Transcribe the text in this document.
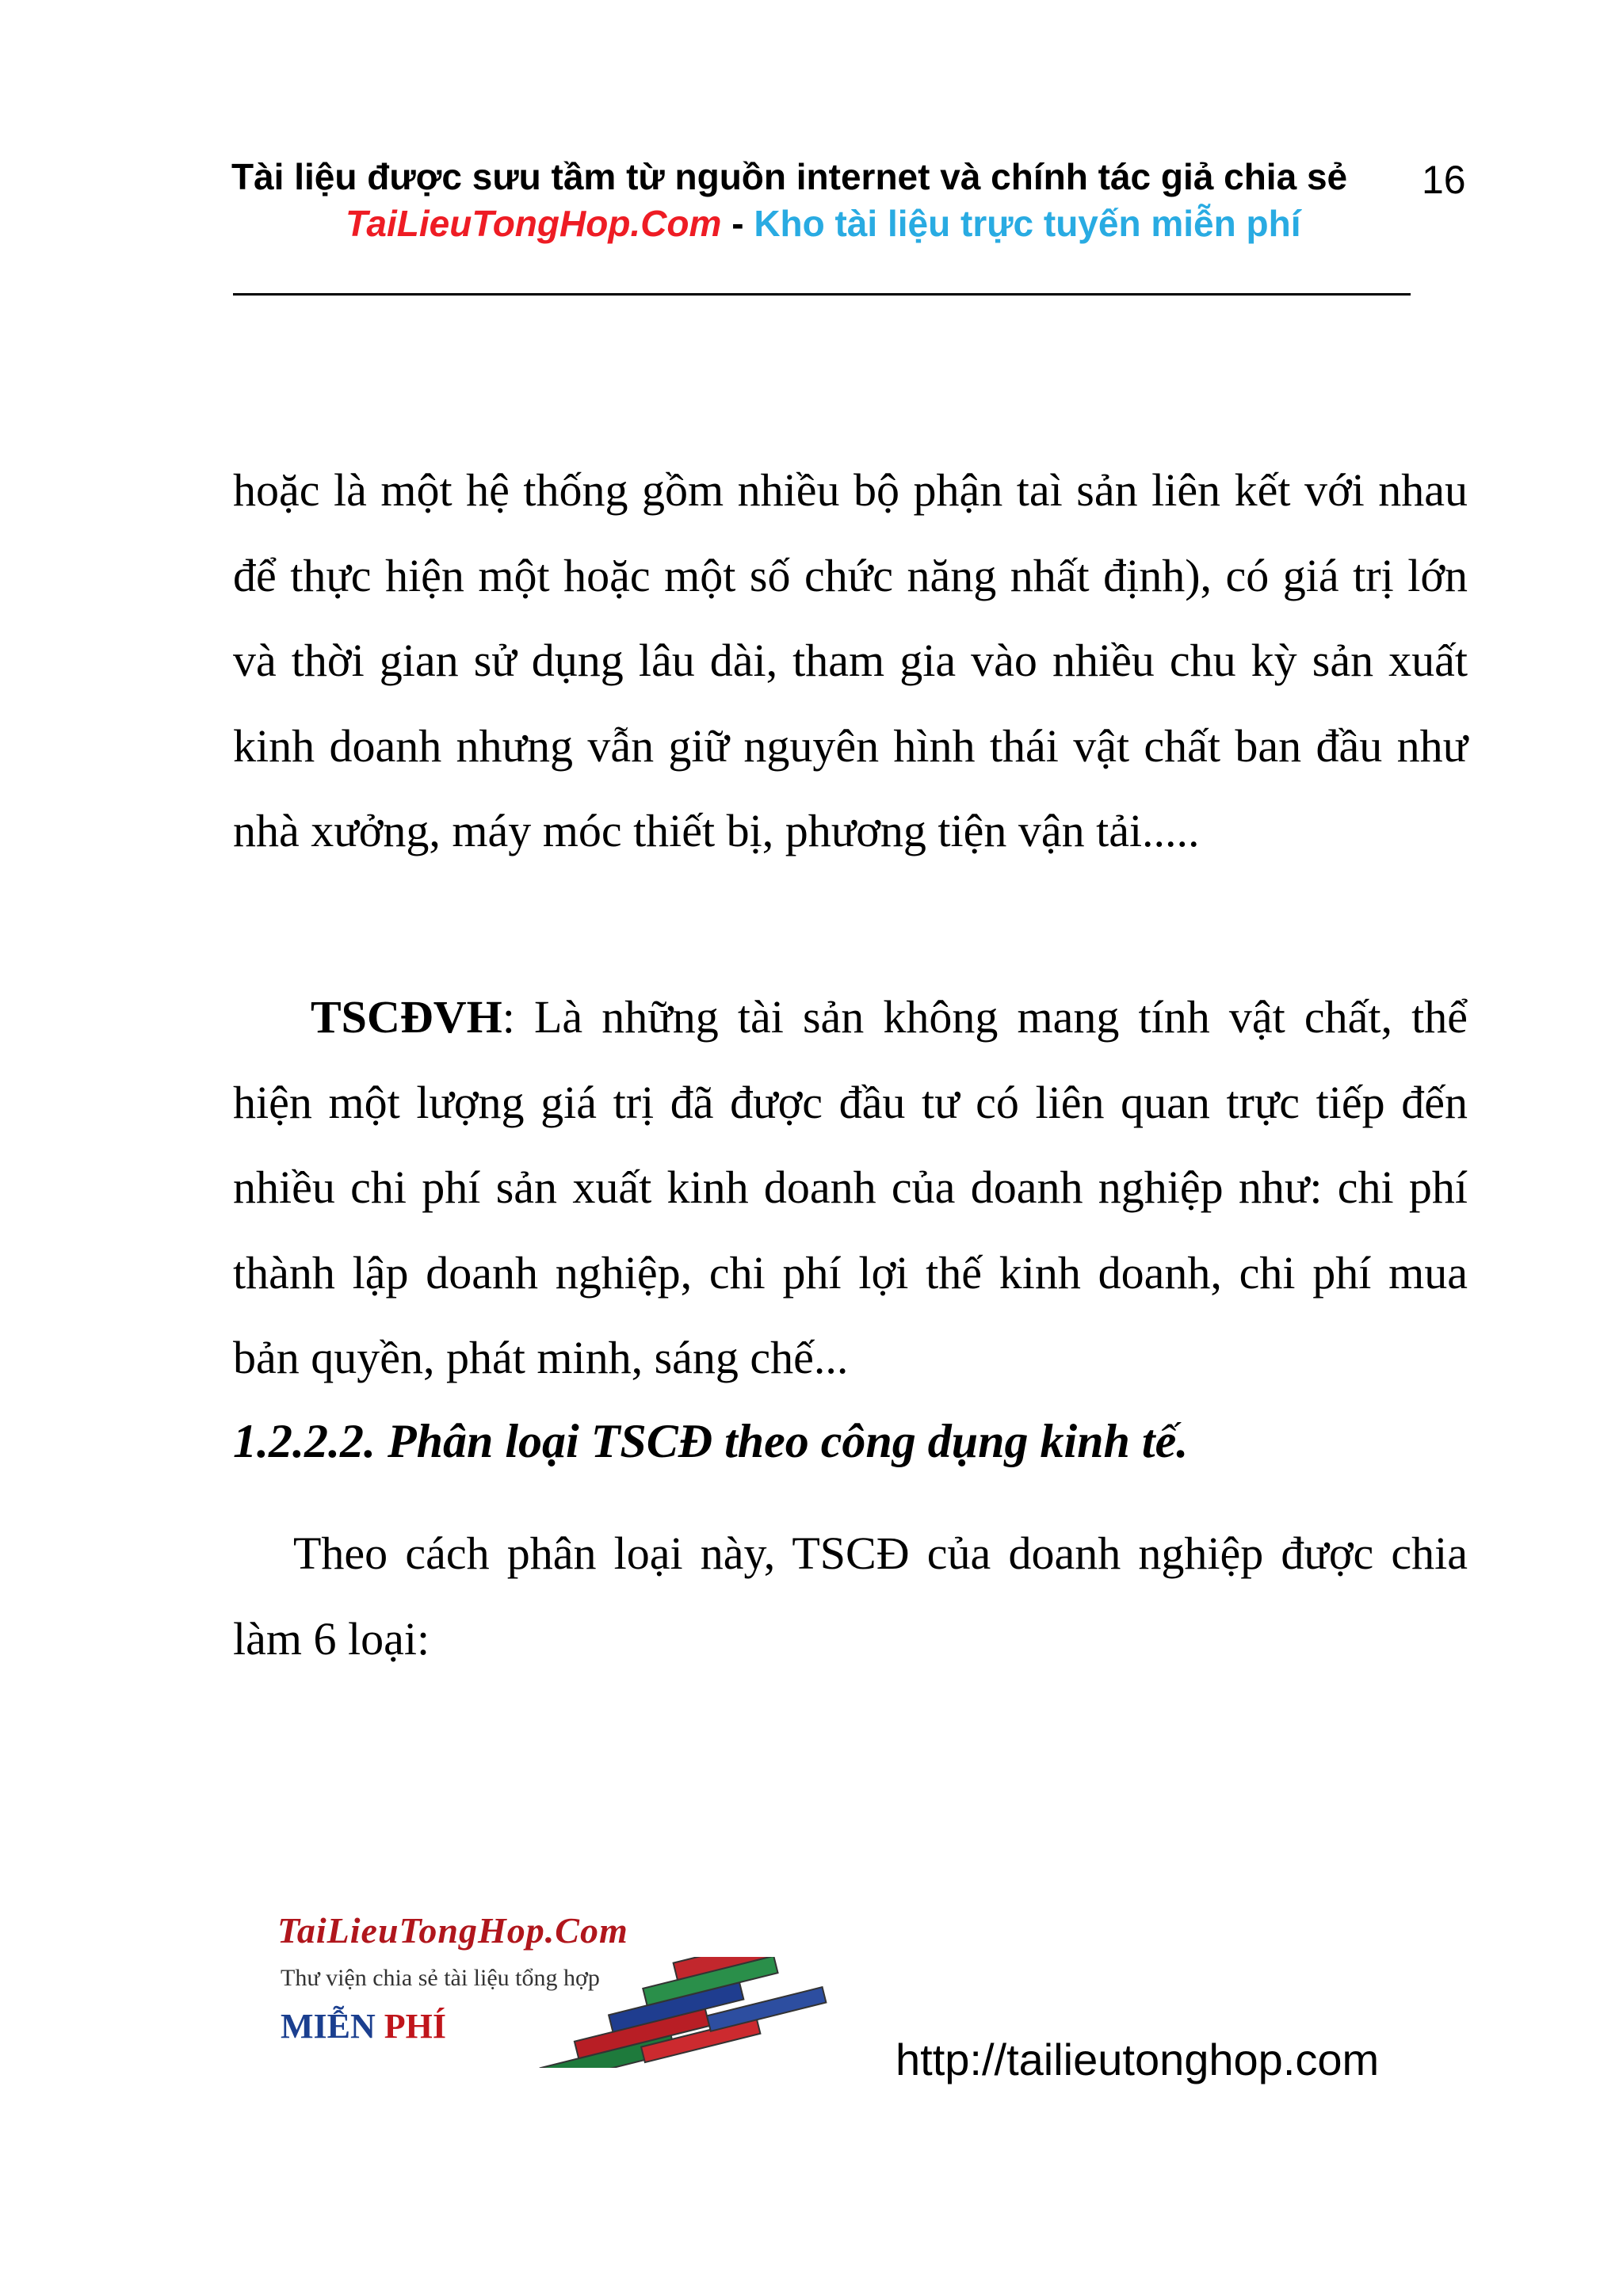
Tài liệu được sưu tầm từ nguồn internet và chính tác giả chia sẻ	16
TaiLieuTongHop.Com - Kho tài liệu trực tuyến miễn phí

hoặc là một hệ thống gồm nhiều bộ phận taì sản liên kết với nhau để thực hiện một hoặc một số chức năng nhất định), có giá trị lớn và thời gian sử dụng lâu dài, tham gia vào nhiều chu kỳ sản xuất kinh doanh nhưng vẫn giữ nguyên hình thái vật chất ban đầu như nhà xưởng, máy móc thiết bị, phương tiện vận tải.....

TSCĐVH: Là những tài sản không mang tính vật chất, thể hiện một lượng giá trị đã được đầu tư có liên quan trực tiếp đến nhiều chi phí sản xuất kinh doanh của doanh nghiệp như: chi phí thành lập doanh nghiệp, chi phí lợi thế kinh doanh, chi phí mua bản quyền, phát minh, sáng chế...

1.2.2.2. Phân loại TSCĐ theo công dụng kinh tế.

Theo cách phân loại này, TSCĐ của doanh nghiệp được chia làm 6 loại:

TaiLieuTongHop.Com
Thư viện chia sẻ tài liệu tổng hợp
MIỄN PHÍ
http://tailieutonghop.com
